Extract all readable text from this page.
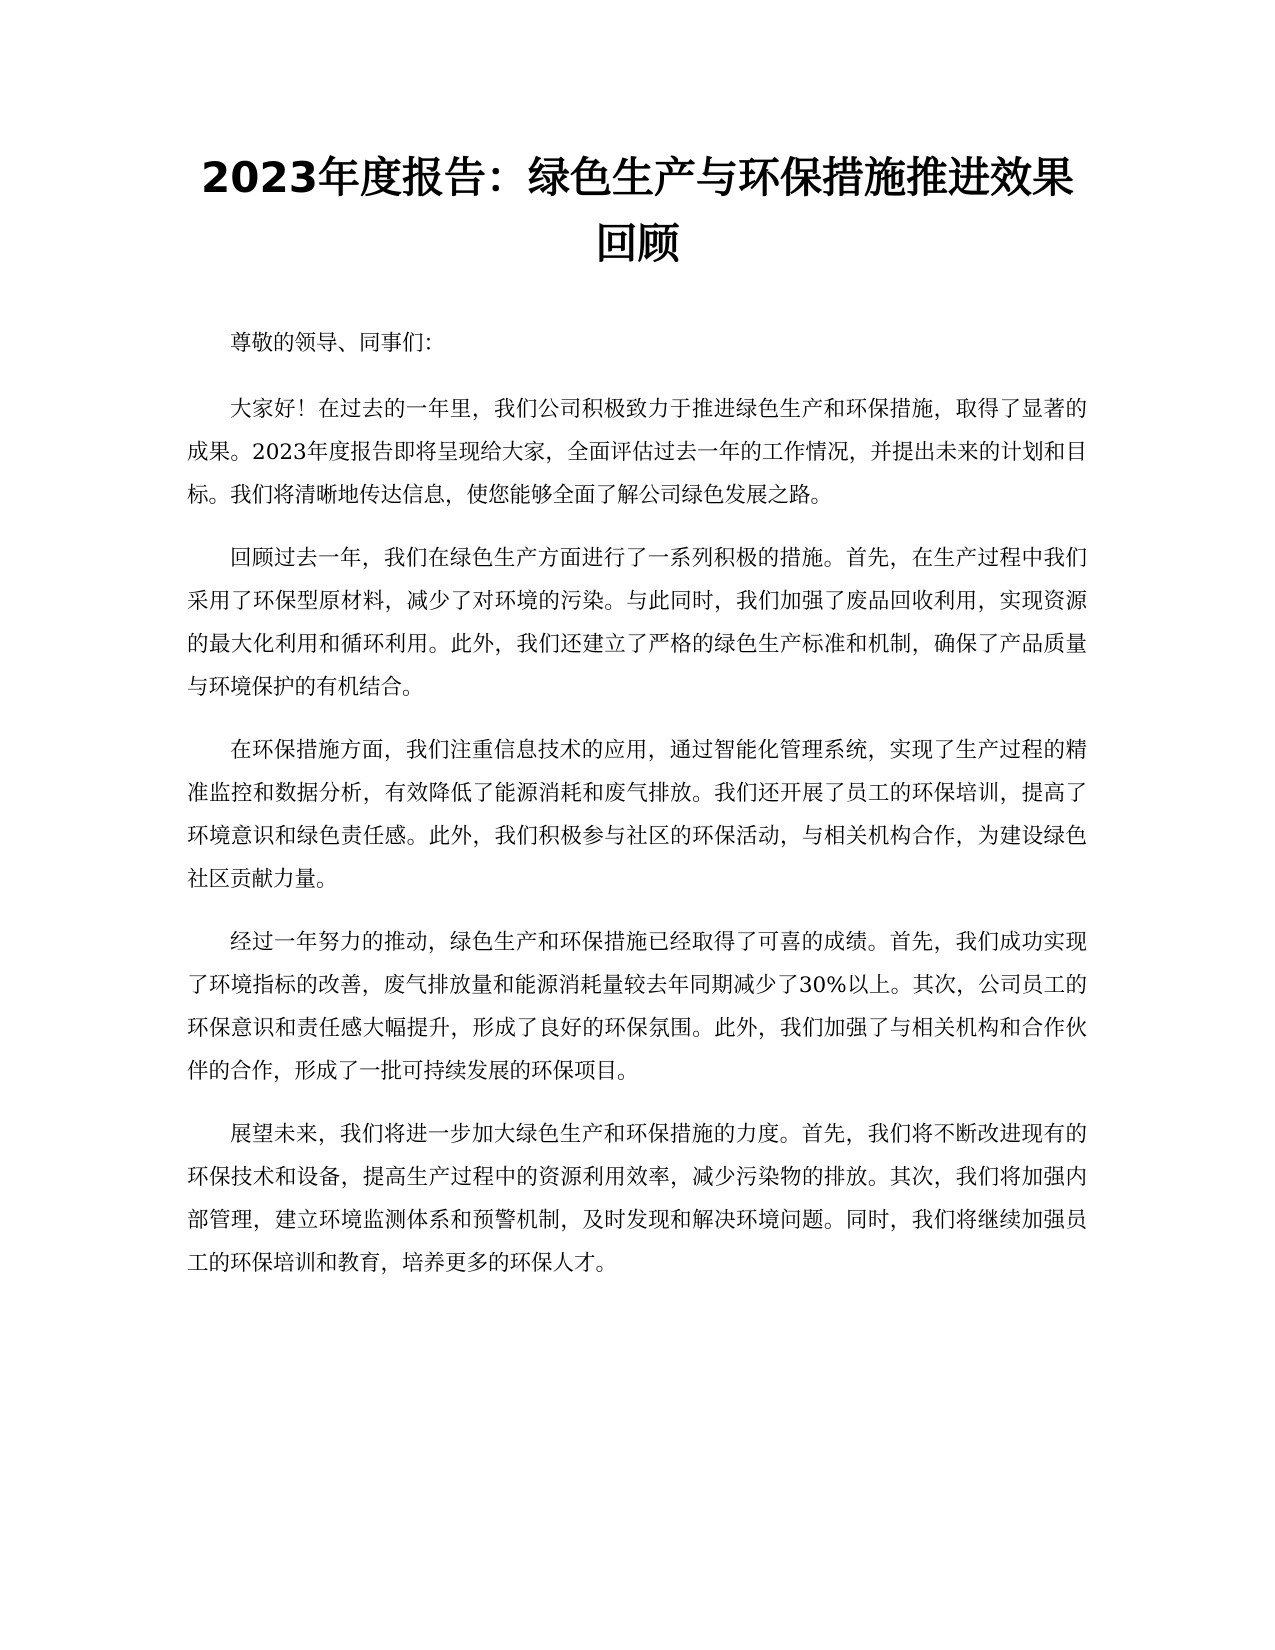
2023年度报告：绿色生产与环保措施推进效果回顾

尊敬的领导、同事们：

大家好！在过去的一年里，我们公司积极致力于推进绿色生产和环保措施，取得了显著的成果。2023年度报告即将呈现给大家，全面评估过去一年的工作情况，并提出未来的计划和目标。我们将清晰地传达信息，使您能够全面了解公司绿色发展之路。

回顾过去一年，我们在绿色生产方面进行了一系列积极的措施。首先，在生产过程中我们采用了环保型原材料，减少了对环境的污染。与此同时，我们加强了废品回收利用，实现资源的最大化利用和循环利用。此外，我们还建立了严格的绿色生产标准和机制，确保了产品质量与环境保护的有机结合。

在环保措施方面，我们注重信息技术的应用，通过智能化管理系统，实现了生产过程的精准监控和数据分析，有效降低了能源消耗和废气排放。我们还开展了员工的环保培训，提高了环境意识和绿色责任感。此外，我们积极参与社区的环保活动，与相关机构合作，为建设绿色社区贡献力量。

经过一年努力的推动，绿色生产和环保措施已经取得了可喜的成绩。首先，我们成功实现了环境指标的改善，废气排放量和能源消耗量较去年同期减少了30%以上。其次，公司员工的环保意识和责任感大幅提升，形成了良好的环保氛围。此外，我们加强了与相关机构和合作伙伴的合作，形成了一批可持续发展的环保项目。

展望未来，我们将进一步加大绿色生产和环保措施的力度。首先，我们将不断改进现有的环保技术和设备，提高生产过程中的资源利用效率，减少污染物的排放。其次，我们将加强内部管理，建立环境监测体系和预警机制，及时发现和解决环境问题。同时，我们将继续加强员工的环保培训和教育，培养更多的环保人才。
